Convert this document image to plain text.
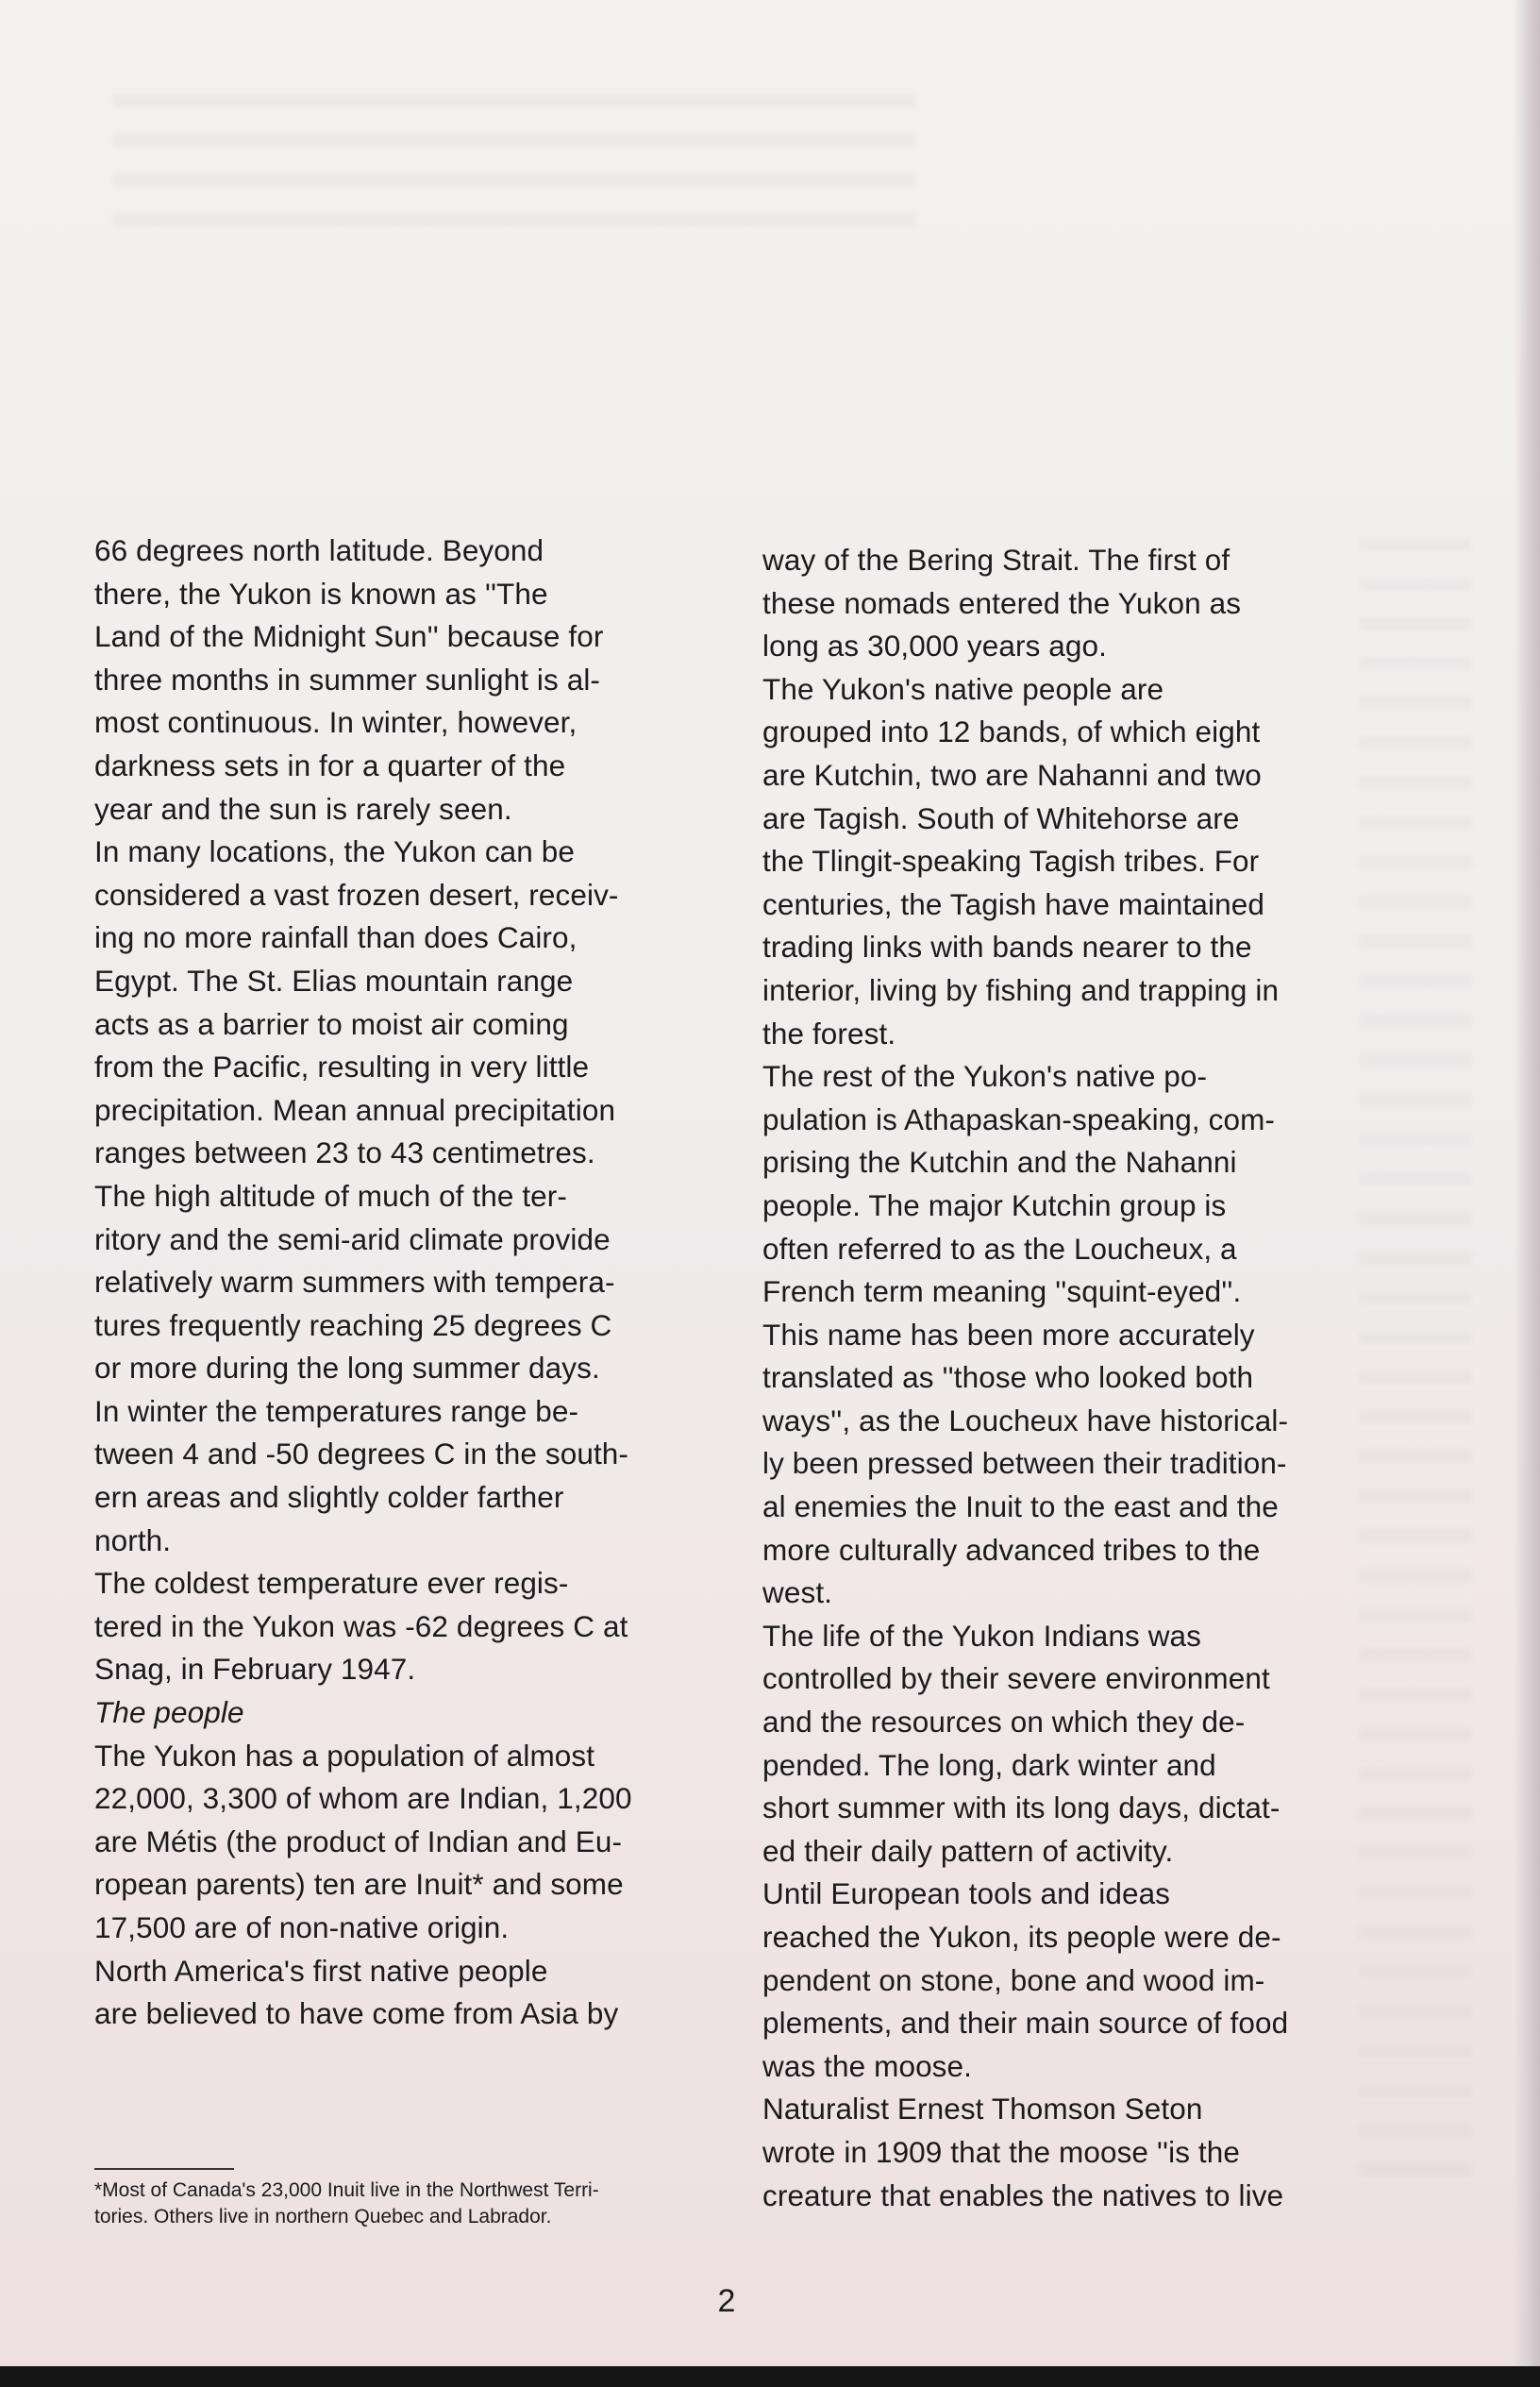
66 degrees north latitude. Beyond
there, the Yukon is known as ''The
Land of the Midnight Sun'' because for
three months in summer sunlight is al-
most continuous. In winter, however,
darkness sets in for a quarter of the
year and the sun is rarely seen.

In many locations, the Yukon can be
considered a vast frozen desert, receiv-
ing no more rainfall than does Cairo,
Egypt. The St. Elias mountain range
acts as a barrier to moist air coming
from the Pacific, resulting in very little
precipitation. Mean annual precipitation
ranges between 23 to 43 centimetres.

The high altitude of much of the ter-
ritory and the semi-arid climate provide
relatively warm summers with tempera-
tures frequently reaching 25 degrees C
or more during the long summer days.
In winter the temperatures range be-
tween 4 and -50 degrees C in the south-
ern areas and slightly colder farther
north.

The coldest temperature ever regis-
tered in the Yukon was -62 degrees C at
Snag, in February 1947.

The people

The Yukon has a population of almost
22,000, 3,300 of whom are Indian, 1,200
are Métis (the product of Indian and Eu-
ropean parents) ten are Inuit* and some
17,500 are of non-native origin.

North America's first native people
are believed to have come from Asia by

way of the Bering Strait. The first of
these nomads entered the Yukon as
long as 30,000 years ago.

The Yukon's native people are
grouped into 12 bands, of which eight
are Kutchin, two are Nahanni and two
are Tagish. South of Whitehorse are
the Tlingit-speaking Tagish tribes. For
centuries, the Tagish have maintained
trading links with bands nearer to the
interior, living by fishing and trapping in
the forest.

The rest of the Yukon's native po-
pulation is Athapaskan-speaking, com-
prising the Kutchin and the Nahanni
people. The major Kutchin group is
often referred to as the Loucheux, a
French term meaning ''squint-eyed''.
This name has been more accurately
translated as ''those who looked both
ways'', as the Loucheux have historical-
ly been pressed between their tradition-
al enemies the Inuit to the east and the
more culturally advanced tribes to the
west.

The life of the Yukon Indians was
controlled by their severe environment
and the resources on which they de-
pended. The long, dark winter and
short summer with its long days, dictat-
ed their daily pattern of activity.

Until European tools and ideas
reached the Yukon, its people were de-
pendent on stone, bone and wood im-
plements, and their main source of food
was the moose.

Naturalist Ernest Thomson Seton
wrote in 1909 that the moose ''is the
creature that enables the natives to live

*Most of Canada's 23,000 Inuit live in the Northwest Terri-
tories. Others live in northern Quebec and Labrador.
2
